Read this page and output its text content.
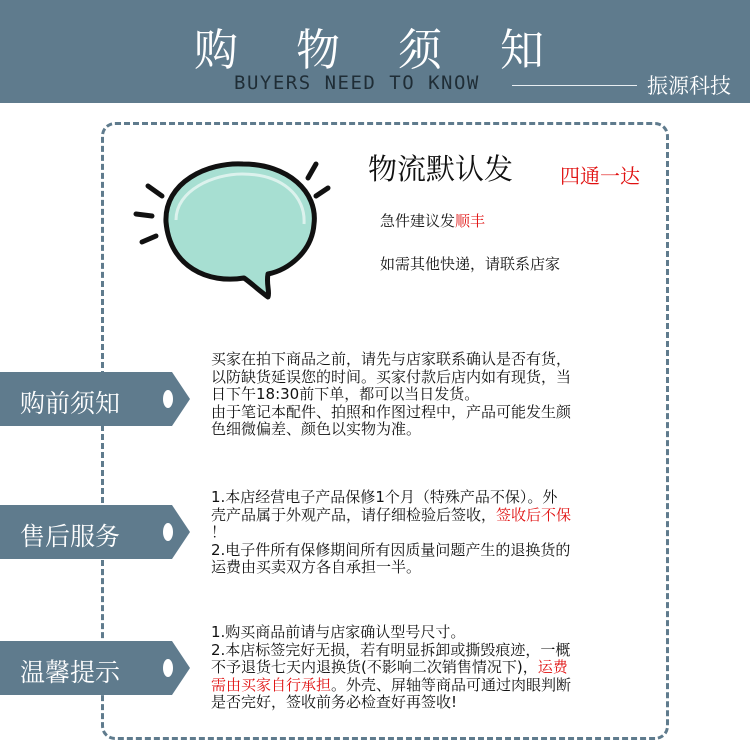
购 物 须 知
BUYERS NEED TO KNOW	振源科技
物流默认发 四通一达
急件建议发顺丰
如需其他快递，请联系店家
购前须知

买家在拍下商品之前，请先与店家联系确认是否有货，

以防缺货延误您的时间。买家付款后店内如有现货，当

日下午18:30前下单，都可以当日发货。

由于笔记本配件、拍照和作图过程中，产品可能发生颜

色细微偏差、颜色以实物为准。

售后服务

1.本店经营电子产品保修1个月（特殊产品不保）。外

壳产品属于外观产品，请仔细检验后签收，签收后不保

！

2.电子件所有保修期间所有因质量问题产生的退换货的

运费由买卖双方各自承担一半。

温馨提示

1.购买商品前请与店家确认型号尺寸。

2.本店标签完好无损，若有明显拆卸或撕毁痕迹，一概

不予退货七天内退换货(不影响二次销售情况下)，运费

需由买家自行承担。外壳、屏轴等商品可通过肉眼判断

是否完好，签收前务必检查好再签收!
